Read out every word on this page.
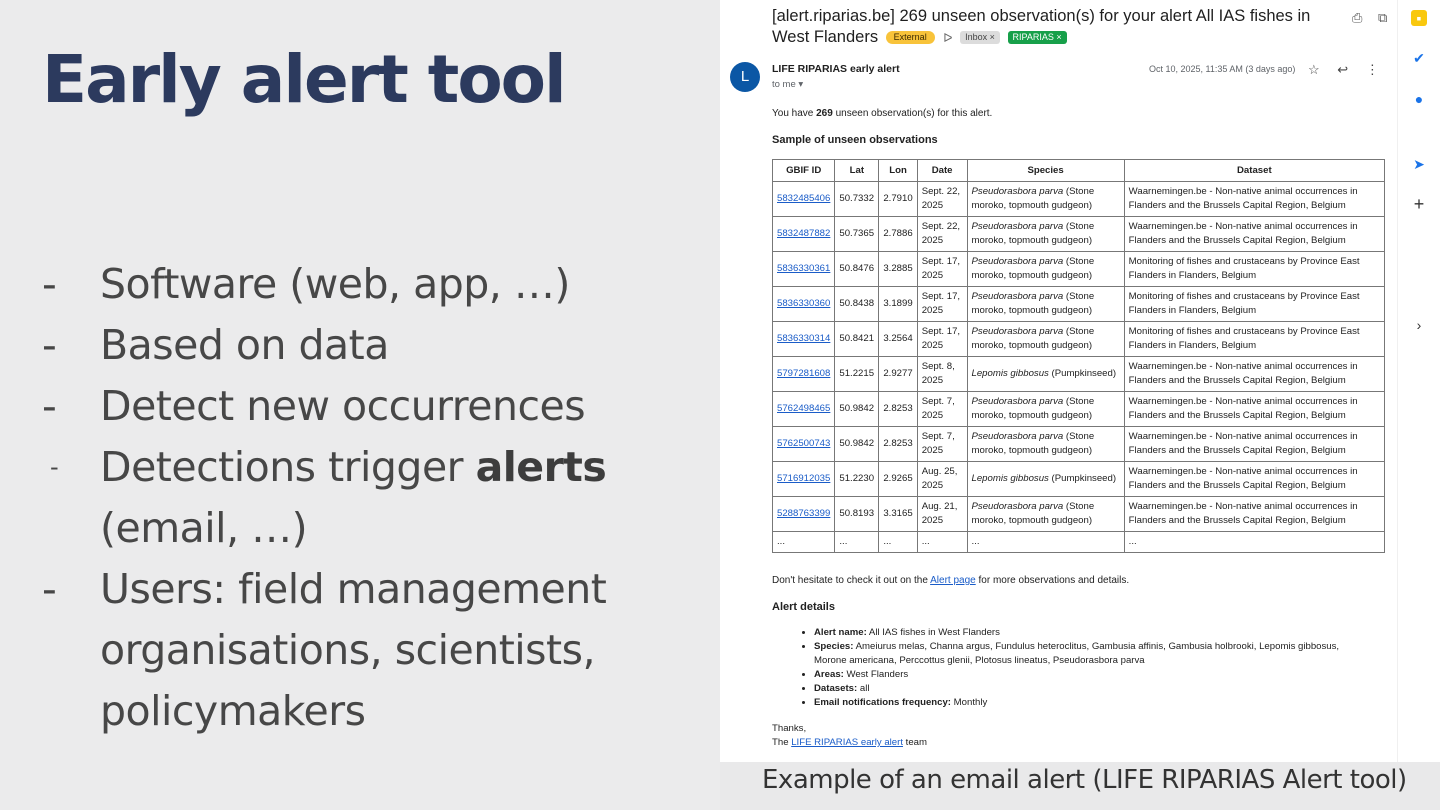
Early alert tool
- Software (web, app, …)
- Based on data
- Detect new occurrences
- Detections trigger alerts (email, …)
- Users: field management organisations, scientists, policymakers
[alert.riparias.be] 269 unseen observation(s) for your alert All IAS fishes in West Flanders External ᐅ Inbox × RIPARIAS ×
⎙ ⧉
L	LIFE RIPARIAS early alert
to me ▾
Oct 10, 2025, 11:35 AM (3 days ago) ☆ ↩ ⋮
You have 269 unseen observation(s) for this alert.
Sample of unseen observations
GBIF ID	Lat	Lon	Date	Species	Dataset
5832485406	50.7332	2.7910	Sept. 22, 2025	Pseudorasbora parva (Stone moroko, topmouth gudgeon)	Waarnemingen.be - Non-native animal occurrences in Flanders and the Brussels Capital Region, Belgium
5832487882	50.7365	2.7886	Sept. 22, 2025	Pseudorasbora parva (Stone moroko, topmouth gudgeon)	Waarnemingen.be - Non-native animal occurrences in Flanders and the Brussels Capital Region, Belgium
5836330361	50.8476	3.2885	Sept. 17, 2025	Pseudorasbora parva (Stone moroko, topmouth gudgeon)	Monitoring of fishes and crustaceans by Province East Flanders in Flanders, Belgium
5836330360	50.8438	3.1899	Sept. 17, 2025	Pseudorasbora parva (Stone moroko, topmouth gudgeon)	Monitoring of fishes and crustaceans by Province East Flanders in Flanders, Belgium
5836330314	50.8421	3.2564	Sept. 17, 2025	Pseudorasbora parva (Stone moroko, topmouth gudgeon)	Monitoring of fishes and crustaceans by Province East Flanders in Flanders, Belgium
5797281608	51.2215	2.9277	Sept. 8, 2025	Lepomis gibbosus (Pumpkinseed)	Waarnemingen.be - Non-native animal occurrences in Flanders and the Brussels Capital Region, Belgium
5762498465	50.9842	2.8253	Sept. 7, 2025	Pseudorasbora parva (Stone moroko, topmouth gudgeon)	Waarnemingen.be - Non-native animal occurrences in Flanders and the Brussels Capital Region, Belgium
5762500743	50.9842	2.8253	Sept. 7, 2025	Pseudorasbora parva (Stone moroko, topmouth gudgeon)	Waarnemingen.be - Non-native animal occurrences in Flanders and the Brussels Capital Region, Belgium
5716912035	51.2230	2.9265	Aug. 25, 2025	Lepomis gibbosus (Pumpkinseed)	Waarnemingen.be - Non-native animal occurrences in Flanders and the Brussels Capital Region, Belgium
5288763399	50.8193	3.3165	Aug. 21, 2025	Pseudorasbora parva (Stone moroko, topmouth gudgeon)	Waarnemingen.be - Non-native animal occurrences in Flanders and the Brussels Capital Region, Belgium
...	...	...	...	...	...
Don't hesitate to check it out on the Alert page for more observations and details.
Alert details
• Alert name: All IAS fishes in West Flanders
• Species: Ameiurus melas, Channa argus, Fundulus heteroclitus, Gambusia affinis, Gambusia holbrooki, Lepomis gibbosus, Morone americana, Perccottus glenii, Plotosus lineatus, Pseudorasbora parva
• Areas: West Flanders
• Datasets: all
• Email notifications frequency: Monthly
Thanks,
The LIFE RIPARIAS early alert team
▪
✔
●
➤
+
›
Example of an email alert (LIFE RIPARIAS Alert tool)
